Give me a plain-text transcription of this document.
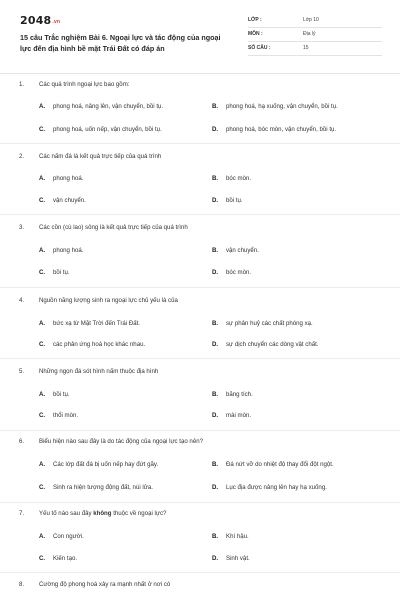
2048.vn
15 câu Trắc nghiệm Bài 6. Ngoại lực và tác động của ngoại lực đến địa hình bề mặt Trái Đất có đáp án
LỚP :	Lớp 10
MÔN :	Địa lý
SỐ CÂU :	15
1. Các quá trình ngoại lực bao gồm:
A. phong hoá, nâng lên, vận chuyển, bồi tụ.	B. phong hoá, hạ xuống, vận chuyển, bồi tụ.
C. phong hoá, uốn nếp, vận chuyển, bồi tụ.	D. phong hoá, bóc mòn, vận chuyển, bồi tụ.
2. Các nấm đá là kết quả trực tiếp của quá trình
A. phong hoá.	B. bóc mòn.
C. vận chuyển.	D. bồi tụ.
3. Các cồn (cù lao) sông là kết quả trực tiếp của quá trình
A. phong hoá.	B. vận chuyển.
C. bồi tụ.	D. bóc mòn.
4. Nguồn năng lượng sinh ra ngoại lực chủ yếu là của
A. bức xạ từ Mặt Trời đến Trái Đất.	B. sự phân huỷ các chất phóng xạ.
C. các phản ứng hoá học khác nhau.	D. sự dịch chuyển các dòng vật chất.
5. Những ngọn đá sót hình nấm thuộc địa hình
A. bồi tụ.	B. băng tích.
C. thổi mòn.	D. mài mòn.
6. Biểu hiện nào sau đây là do tác động của ngoại lực tạo nên?
A. Các lớp đất đá bị uốn nếp hay đứt gãy.	B. Đá nứt vỡ do nhiệt độ thay đổi đột ngột.
C. Sinh ra hiện tượng động đất, núi lửa.	D. Lục địa được nâng lên hay hạ xuống.
7. Yếu tố nào sau đây không thuộc về ngoại lực?
A. Con người.	B. Khí hậu.
C. Kiến tạo.	D. Sinh vật.
8. Cường độ phong hoá xảy ra mạnh nhất ở nơi có
